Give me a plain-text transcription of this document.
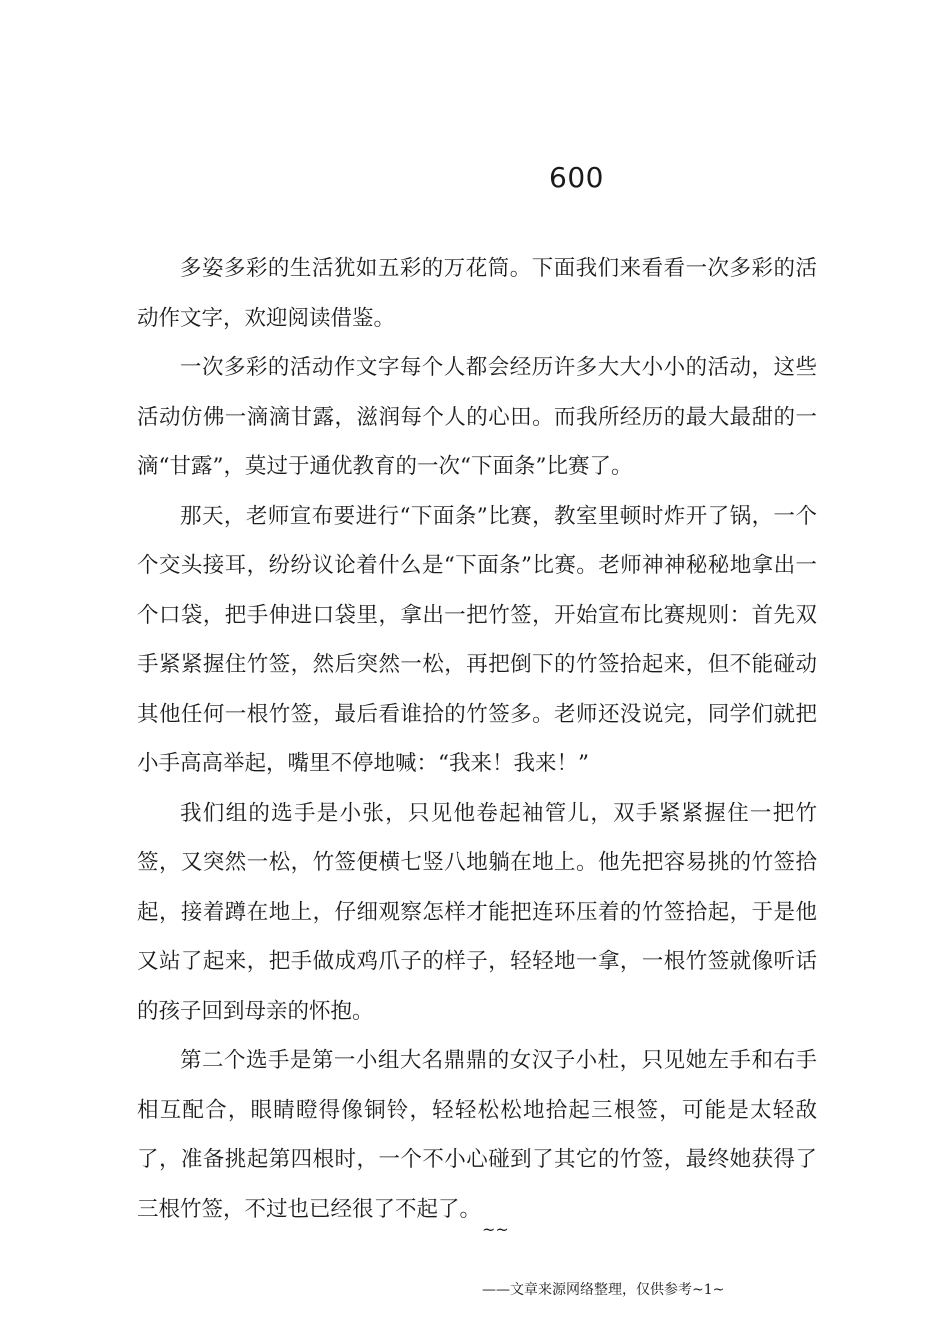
600

多姿多彩的生活犹如五彩的万花筒。下面我们来看看一次多彩的活动作文字，欢迎阅读借鉴。

一次多彩的活动作文字每个人都会经历许多大大小小的活动，这些活动仿佛一滴滴甘露，滋润每个人的心田。而我所经历的最大最甜的一滴“甘露”，莫过于通优教育的一次“下面条”比赛了。

那天，老师宣布要进行“下面条”比赛，教室里顿时炸开了锅，一个个交头接耳，纷纷议论着什么是“下面条”比赛。老师神神秘秘地拿出一个口袋，把手伸进口袋里，拿出一把竹签，开始宣布比赛规则：首先双手紧紧握住竹签，然后突然一松，再把倒下的竹签拾起来，但不能碰动其他任何一根竹签，最后看谁拾的竹签多。老师还没说完，同学们就把小手高高举起，嘴里不停地喊：“我来！我来！”

我们组的选手是小张，只见他卷起袖管儿，双手紧紧握住一把竹签，又突然一松，竹签便横七竖八地躺在地上。他先把容易挑的竹签拾起，接着蹲在地上，仔细观察怎样才能把连环压着的竹签拾起，于是他又站了起来，把手做成鸡爪子的样子，轻轻地一拿，一根竹签就像听话的孩子回到母亲的怀抱。

第二个选手是第一小组大名鼎鼎的女汉子小杜，只见她左手和右手相互配合，眼睛瞪得像铜铃，轻轻松松地拾起三根签，可能是太轻敌了，准备挑起第四根时，一个不小心碰到了其它的竹签，最终她获得了三根竹签，不过也已经很了不起了。

~~
——文章来源网络整理，仅供参考~1~
